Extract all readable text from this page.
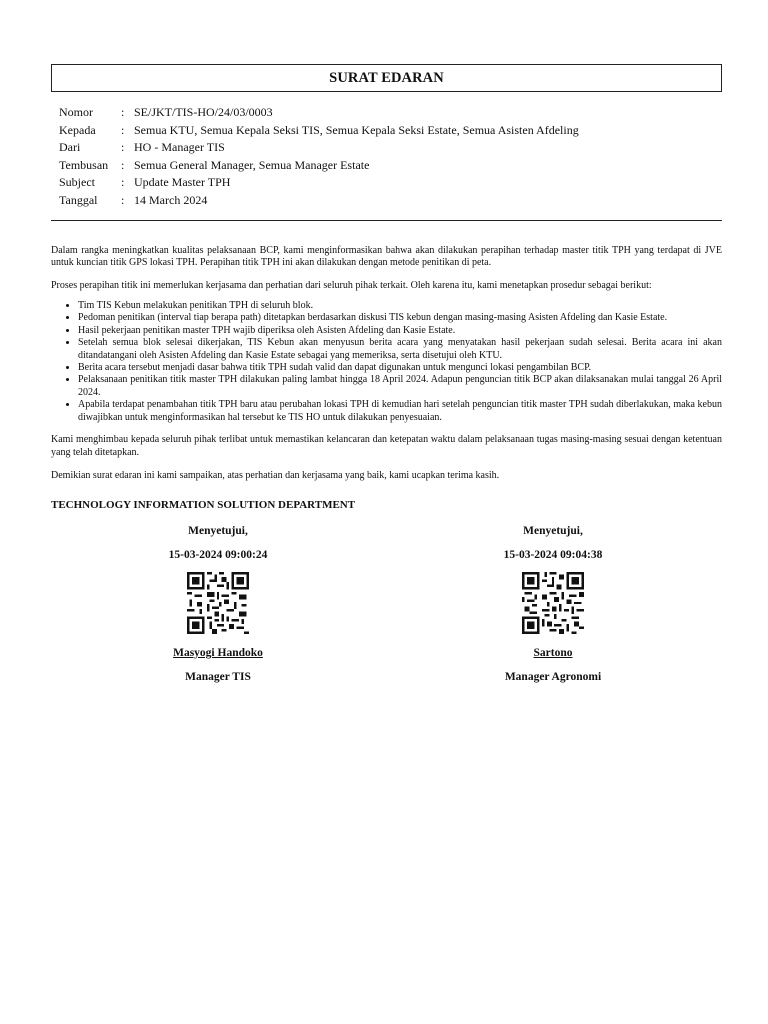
SURAT EDARAN
Nomor	: SE/JKT/TIS-HO/24/03/0003
Kepada	: Semua KTU, Semua Kepala Seksi TIS, Semua Kepala Seksi Estate, Semua Asisten Afdeling
Dari	: HO - Manager TIS
Tembusan	: Semua General Manager, Semua Manager Estate
Subject	: Update Master TPH
Tanggal	: 14 March 2024

Dalam rangka meningkatkan kualitas pelaksanaan BCP, kami menginformasikan bahwa akan dilakukan perapihan terhadap master titik TPH yang terdapat di JVE untuk kuncian titik GPS lokasi TPH. Perapihan titik TPH ini akan dilakukan dengan metode penitikan di peta.

Proses perapihan titik ini memerlukan kerjasama dan perhatian dari seluruh pihak terkait. Oleh karena itu, kami menetapkan prosedur sebagai berikut:

• Tim TIS Kebun melakukan penitikan TPH di seluruh blok.
• Pedoman penitikan (interval tiap berapa path) ditetapkan berdasarkan diskusi TIS kebun dengan masing-masing Asisten Afdeling dan Kasie Estate.
• Hasil pekerjaan penitikan master TPH wajib diperiksa oleh Asisten Afdeling dan Kasie Estate.
• Setelah semua blok selesai dikerjakan, TIS Kebun akan menyusun berita acara yang menyatakan hasil pekerjaan sudah selesai. Berita acara ini akan ditandatangani oleh Asisten Afdeling dan Kasie Estate sebagai yang memeriksa, serta disetujui oleh KTU.
• Berita acara tersebut menjadi dasar bahwa titik TPH sudah valid dan dapat digunakan untuk mengunci lokasi pengambilan BCP.
• Pelaksanaan penitikan titik master TPH dilakukan paling lambat hingga 18 April 2024. Adapun penguncian titik BCP akan dilaksanakan mulai tanggal 26 April 2024.
• Apabila terdapat penambahan titik TPH baru atau perubahan lokasi TPH di kemudian hari setelah penguncian titik master TPH sudah diberlakukan, maka kebun diwajibkan untuk menginformasikan hal tersebut ke TIS HO untuk dilakukan penyesuaian.

Kami menghimbau kepada seluruh pihak terlibat untuk memastikan kelancaran dan ketepatan waktu dalam pelaksanaan tugas masing-masing sesuai dengan ketentuan yang telah ditetapkan.

Demikian surat edaran ini kami sampaikan, atas perhatian dan kerjasama yang baik, kami ucapkan terima kasih.

TECHNOLOGY INFORMATION SOLUTION DEPARTMENT
Menyetujui,
15-03-2024 09:00:24
Masyogi Handoko
Manager TIS
Menyetujui,
15-03-2024 09:04:38
Sartono
Manager Agronomi
